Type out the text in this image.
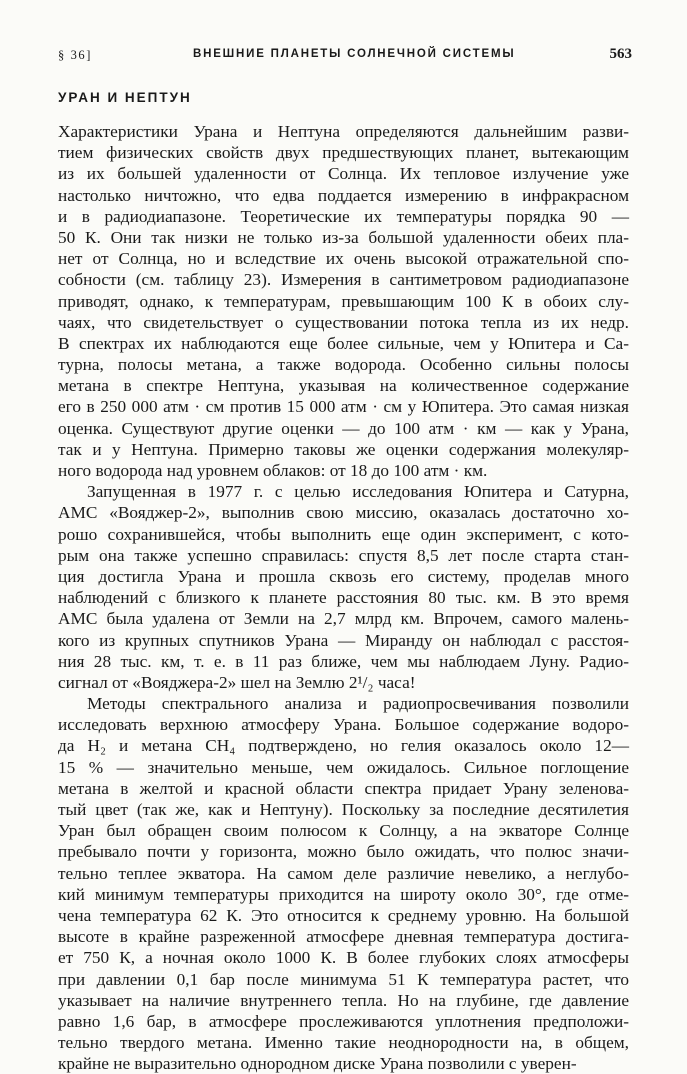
§ 36]	ВНЕШНИЕ ПЛАНЕТЫ СОЛНЕЧНОЙ СИСТЕМЫ	563
УРАН И НЕПТУН
Характеристики Урана и Нептуна определяются дальнейшим разви-
тием физических свойств двух предшествующих планет, вытекающим
из их большей удаленности от Солнца. Их тепловое излучение уже
настолько ничтожно, что едва поддается измерению в инфракрасном
и в радиодиапазоне. Теоретические их температуры порядка 90 —
50 К. Они так низки не только из-за большой удаленности обеих пла-
нет от Солнца, но и вследствие их очень высокой отражательной спо-
собности (см. таблицу 23). Измерения в сантиметровом радиодиапазоне
приводят, однако, к температурам, превышающим 100 К в обоих слу-
чаях, что свидетельствует о существовании потока тепла из их недр.
В спектрах их наблюдаются еще более сильные, чем у Юпитера и Са-
турна, полосы метана, а также водорода. Особенно сильны полосы
метана в спектре Нептуна, указывая на количественное содержание
его в 250 000 атм · см против 15 000 атм · см у Юпитера. Это самая низкая
оценка. Существуют другие оценки — до 100 атм · км — как у Урана,
так и у Нептуна. Примерно таковы же оценки содержания молекуляр-
ного водорода над уровнем облаков: от 18 до 100 атм · км.
Запущенная в 1977 г. с целью исследования Юпитера и Сатурна,
АМС «Вояджер-2», выполнив свою миссию, оказалась достаточно хо-
рошо сохранившейся, чтобы выполнить еще один эксперимент, с кото-
рым она также успешно справилась: спустя 8,5 лет после старта стан-
ция достигла Урана и прошла сквозь его систему, проделав много
наблюдений с близкого к планете расстояния 80 тыс. км. В это время
АМС была удалена от Земли на 2,7 млрд км. Впрочем, самого малень-
кого из крупных спутников Урана — Миранду он наблюдал с расстоя-
ния 28 тыс. км, т. е. в 11 раз ближе, чем мы наблюдаем Луну. Радио-
сигнал от «Вояджера-2» шел на Землю 2¹/₂ часа!
Методы спектрального анализа и радиопросвечивания позволили
исследовать верхнюю атмосферу Урана. Большое содержание водоро-
да H₂ и метана CH₄ подтверждено, но гелия оказалось около 12—
15 % — значительно меньше, чем ожидалось. Сильное поглощение
метана в желтой и красной области спектра придает Урану зеленова-
тый цвет (так же, как и Нептуну). Поскольку за последние десятилетия
Уран был обращен своим полюсом к Солнцу, а на экваторе Солнце
пребывало почти у горизонта, можно было ожидать, что полюс значи-
тельно теплее экватора. На самом деле различие невелико, а неглубо-
кий минимум температуры приходится на широту около 30°, где отме-
чена температура 62 К. Это относится к среднему уровню. На большой
высоте в крайне разреженной атмосфере дневная температура достига-
ет 750 К, а ночная около 1000 К. В более глубоких слоях атмосферы
при давлении 0,1 бар после минимума 51 К температура растет, что
указывает на наличие внутреннего тепла. Но на глубине, где давление
равно 1,6 бар, в атмосфере прослеживаются уплотнения предположи-
тельно твердого метана. Именно такие неоднородности на, в общем,
крайне не выразительно однородном диске Урана позволили с уверен-
